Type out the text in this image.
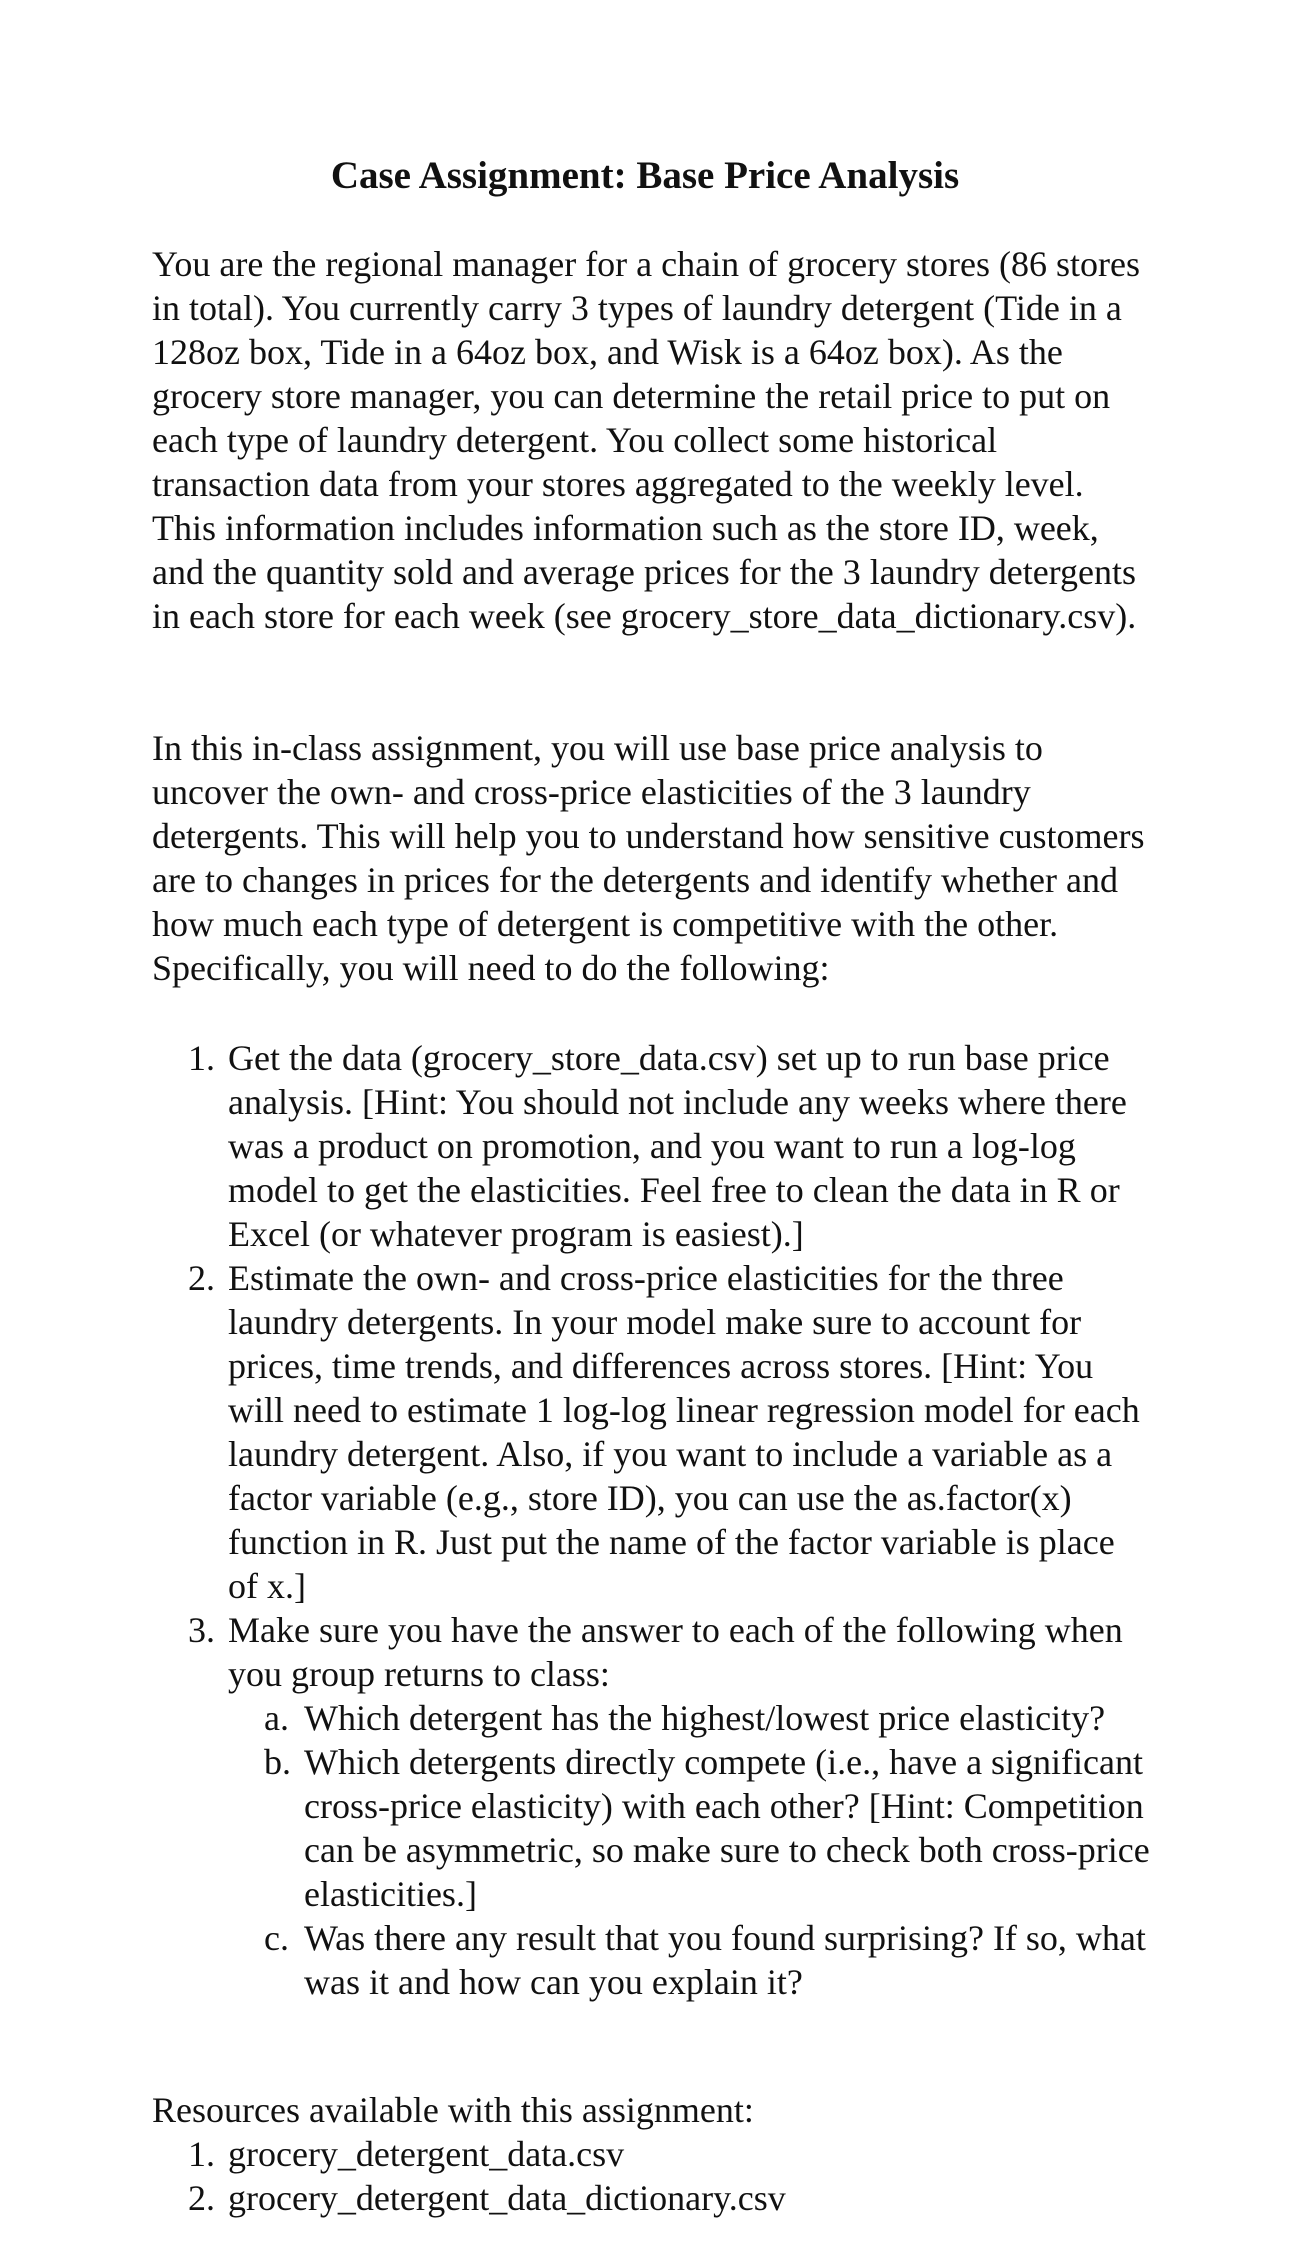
Case Assignment: Base Price Analysis

You are the regional manager for a chain of grocery stores (86 stores in total). You currently carry 3 types of laundry detergent (Tide in a 128oz box, Tide in a 64oz box, and Wisk is a 64oz box). As the grocery store manager, you can determine the retail price to put on each type of laundry detergent. You collect some historical transaction data from your stores aggregated to the weekly level. This information includes information such as the store ID, week, and the quantity sold and average prices for the 3 laundry detergents in each store for each week (see grocery_store_data_dictionary.csv).

In this in-class assignment, you will use base price analysis to uncover the own- and cross-price elasticities of the 3 laundry detergents. This will help you to understand how sensitive customers are to changes in prices for the detergents and identify whether and how much each type of detergent is competitive with the other. Specifically, you will need to do the following:

1. Get the data (grocery_store_data.csv) set up to run base price analysis. [Hint: You should not include any weeks where there was a product on promotion, and you want to run a log-log model to get the elasticities. Feel free to clean the data in R or Excel (or whatever program is easiest).]
2. Estimate the own- and cross-price elasticities for the three laundry detergents. In your model make sure to account for prices, time trends, and differences across stores. [Hint: You will need to estimate 1 log-log linear regression model for each laundry detergent. Also, if you want to include a variable as a factor variable (e.g., store ID), you can use the as.factor(x) function in R. Just put the name of the factor variable is place of x.]
3. Make sure you have the answer to each of the following when you group returns to class:
a. Which detergent has the highest/lowest price elasticity?
b. Which detergents directly compete (i.e., have a significant cross-price elasticity) with each other? [Hint: Competition can be asymmetric, so make sure to check both cross-price elasticities.]
c. Was there any result that you found surprising? If so, what was it and how can you explain it?
Resources available with this assignment:
1. grocery_detergent_data.csv
2. grocery_detergent_data_dictionary.csv
